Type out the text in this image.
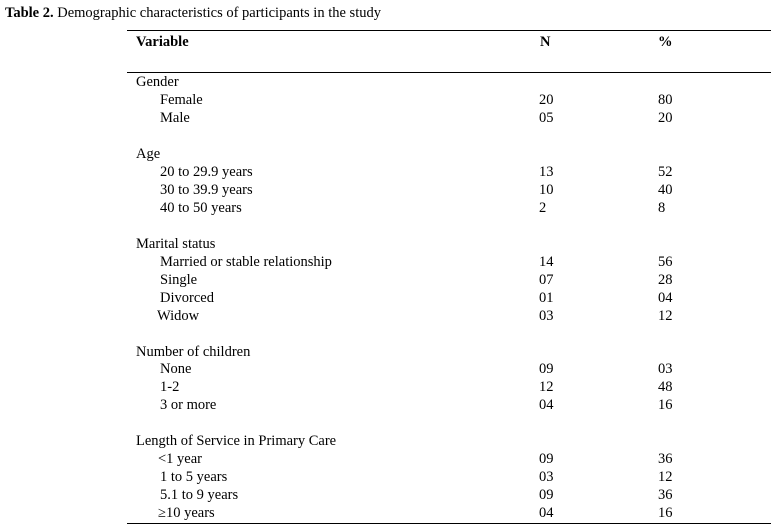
Table 2. Demographic characteristics of participants in the study
Variable	N	%
Gender
Female	20	80
Male	05	20
Age
20 to 29.9 years	13	52
30 to 39.9 years	10	40
40 to 50 years	2	8
Marital status
Married or stable relationship	14	56
Single	07	28
Divorced	01	04
Widow	03	12
Number of children
None	09	03
1-2	12	48
3 or more	04	16
Length of Service in Primary Care
<1 year	09	36
1 to 5 years	03	12
5.1 to 9 years	09	36
≥10 years	04	16
